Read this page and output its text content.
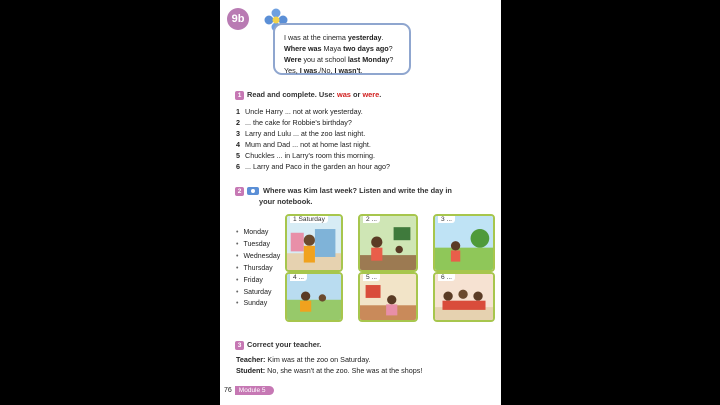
9b
I was at the cinema yesterday.
Where was Maya two days ago?
Were you at school last Monday?
Yes, I was./No, I wasn't.
1 Read and complete. Use: was or were.
1 Uncle Harry ... not at work yesterday.
2 ... the cake for Robbie's birthday?
3 Larry and Lulu ... at the zoo last night.
4 Mum and Dad ... not at home last night.
5 Chuckles ... in Larry's room this morning.
6 ... Larry and Paco in the garden an hour ago?
2	Where was Kim last week? Listen and write the day in
your notebook.
• Monday
• Tuesday
• Wednesday
• Thursday
• Friday
• Saturday
• Sunday
1 Saturday	2 ...	3 ...
4 ...	5 ...	6 ...
3 Correct your teacher.
Teacher: Kim was at the zoo on Saturday.
Student: No, she wasn't at the zoo. She was at the shops!
76	Module 5
